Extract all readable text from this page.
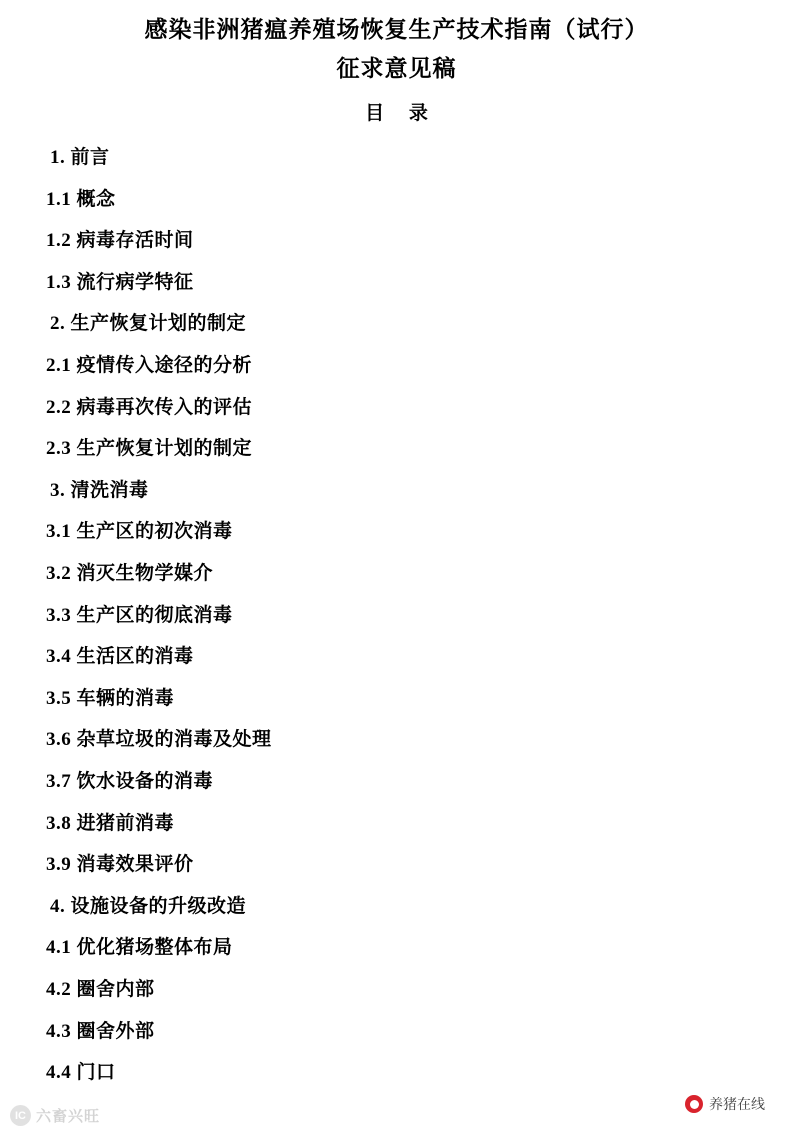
感染非洲猪瘟养殖场恢复生产技术指南（试行）
征求意见稿
目 录
1. 前言
1.1 概念
1.2 病毒存活时间
1.3 流行病学特征
2. 生产恢复计划的制定
2.1 疫情传入途径的分析
2.2 病毒再次传入的评估
2.3 生产恢复计划的制定
3. 清洗消毒
3.1 生产区的初次消毒
3.2 消灭生物学媒介
3.3 生产区的彻底消毒
3.4 生活区的消毒
3.5 车辆的消毒
3.6 杂草垃圾的消毒及处理
3.7 饮水设备的消毒
3.8 进猪前消毒
3.9 消毒效果评价
4. 设施设备的升级改造
4.1 优化猪场整体布局
4.2 圈舍内部
4.3 圈舍外部
4.4 门口
IC 六畜兴旺
养猪在线
